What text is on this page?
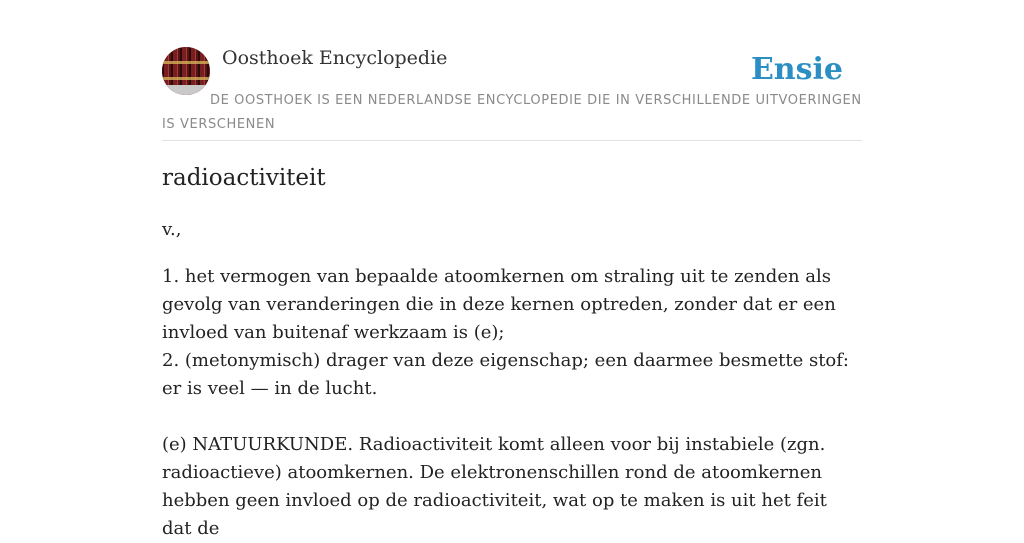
Oosthoek Encyclopedie	Ensie
DE OOSTHOEK IS EEN NEDERLANDSE ENCYCLOPEDIE DIE IN VERSCHILLENDE UITVOERINGEN IS VERSCHENEN
radioactiviteit
v.,

1. het vermogen van bepaalde atoomkernen om straling uit te zenden als gevolg van veranderingen die in deze kernen optreden, zonder dat er een invloed van buitenaf werkzaam is (e);

2. (metonymisch) drager van deze eigenschap; een daarmee besmette stof: er is veel — in de lucht.

(e) NATUURKUNDE. Radioactiviteit komt alleen voor bij instabiele (zgn. radioactieve) atoomkernen. De elektronenschillen rond de atoomkernen hebben geen invloed op de radioactiviteit, wat op te maken is uit het feit dat de
